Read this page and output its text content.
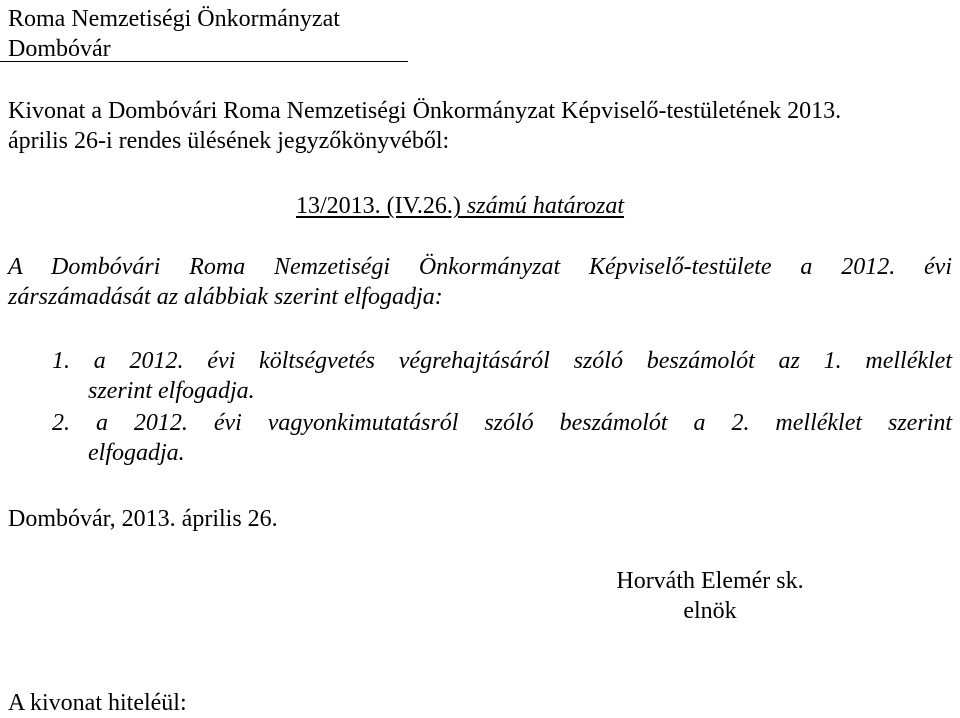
Roma Nemzetiségi Önkormányzat
Dombóvár
Kivonat a Dombóvári Roma Nemzetiségi Önkormányzat Képviselő-testületének 2013.
április 26-i rendes ülésének jegyzőkönyvéből:
13/2013. (IV.26.) számú határozat
A Dombóvári Roma Nemzetiségi Önkormányzat Képviselő-testülete a 2012. évi
zárszámadását az alábbiak szerint elfogadja:
1. a 2012. évi költségvetés végrehajtásáról szóló beszámolót az 1. melléklet
szerint elfogadja.
2. a 2012. évi vagyonkimutatásról szóló beszámolót a 2. melléklet szerint
elfogadja.
Dombóvár, 2013. április 26.
Horváth Elemér sk.
elnök
A kivonat hiteléül:
